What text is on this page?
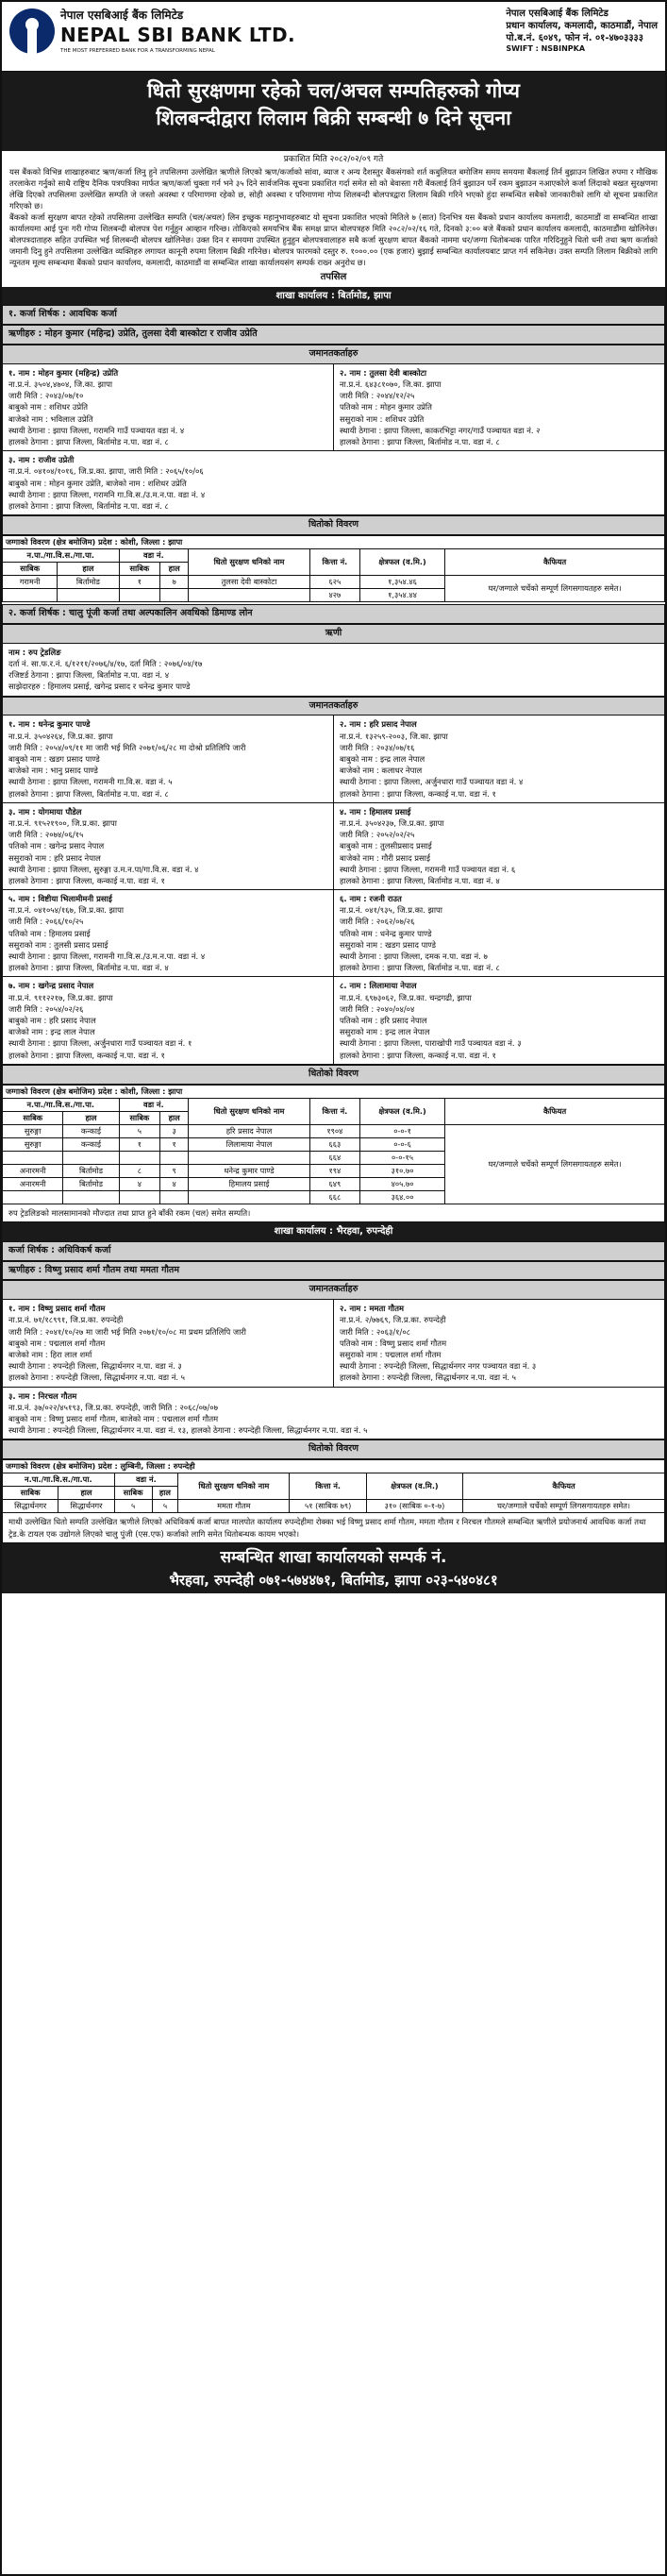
नेपाल एसबिआई बैंक लिमिटेड
NEPAL SBI BANK LTD.
THE MOST PREFERRED BANK FOR A TRANSFORMING NEPAL
नेपाल एसबिआई बैंक लिमिटेड
प्रधान कार्यालय, कमलादी, काठमाडौं, नेपाल
पो.ब.नं. ६०४९, फोन नं. ०१-४७०३३३३
SWIFT : NSBINPKA
धितो सुरक्षणमा रहेको चल/अचल सम्पतिहरुको गोप्य
शिलबन्दीद्वारा लिलाम बिक्री सम्बन्धी ७ दिने सूचना
प्रकाशित मिति २०८२/०२/०९ गते

यस बैंकको विभिन्न शाखाहरुबाट ऋण/कर्जा लिनु हुने तपसिलमा उल्लेखित ऋणीले लिएको ऋण/कर्जाको सांवा, ब्याज र अन्य दैशस्तुर बैंकसंगको शर्त कबुलियत बमोजिम समय समयमा बैंकलाई तिर्न बुझाउन लिखित रुपमा र मौखिक तरलाकेरा गर्नुको साथै राष्ट्रिय दैनिक पत्रपत्रिका मार्फत ऋण/कर्जा चुक्ता गर्न भने ३५ दिने सार्वजनिक सूचना प्रकाशित गर्दा समेत सो को बेवास्ता गरी बैंकलाई तिर्न बुझाउन पर्ने रकम बुझाउन नआएकोले कर्जा लिंदाको बखत सुरक्षणमा लेखि दिएको तपसिलमा उल्लेखित सम्पति जे जस्तो अवस्था र परिमाणमा रहेको छ, सोही अवस्था र परिमाणमा गोप्य शिलबन्दी बोलपत्रद्वारा लिलाम बिक्री गरिने भएको हुंदा सम्बन्धित सबैको जानकारीको लागि यो सूचना प्रकाशित गरिएको छ।

बैंकको कर्जा सुरक्षण बापत रहेको तपसिलमा उल्लेखित सम्पति (चल/अचल) लिन इच्छुक महानुभावहरुबाट यो सूचना प्रकाशित भएको मितिले ७ (सात) दिनभित्र यस बैंकको प्रधान कार्यालय कमलादी, काठमाडौं वा सम्बन्धित शाखा कार्यालयमा आई पुनः गरी गोप्य शिलबन्दी बोलपत्र पेश गर्नुहुन आव्हान गरिन्छ। तोकिएको समयभित्र बैंक समक्ष प्राप्त बोलपत्रहरु मिति २०८२/०२/१६ गते, दिनको ३:०० बजे बैंकको प्रधान कार्यालय कमलादी, काठमाडौंमा खोलिनेछ। बोलपत्रदाताहरु सहित उपस्थित भई शिलबन्दी बोलपत्र खोलिनेछ। उक्त दिन र समयमा उपस्थित हुनुहुन बोलपत्रवालाहरु सबै कर्जा सुरक्षण बापत बैंकको नाममा धर/जग्गा धितोबन्धक पारित गरिदिनुहुने धितो धनी तथा ऋण कर्जाको जमानी दिनु हुने तपसिलमा उल्लेखित व्यक्तिहरु लगायत कानूनी रुपमा लिलाम बिक्री गरिनेछ। बोलपत्र फारमको दस्तुर रु. १०००.०० (एक हजार) बुझाई सम्बन्धित कार्यालयबाट प्राप्त गर्न सकिनेछ। उक्त सम्पति लिलाम बिक्रीको लागि न्यूनतम मूल्य सम्बन्धमा बैंकको प्रधान कार्यालय, कमलादी, काठमाडौं वा सम्बन्धित शाखा कार्यालयसंग सम्पर्क राख्न अनुरोध छ।

तपसिल
शाखा कार्यालय : बिर्तामोड, झापा
१. कर्जा शिर्षक : आवधिक कर्जा
ऋणीहरु : मोहन कुमार (महिन्द्र) उप्रेति, तुलसा देवी बास्कोटा र राजीव उप्रेति
जमानतकर्ताहरु
१. नाम : मोहन कुमार (महिन्द्र) उप्रेति
ना.प्र.नं. ३५०४,४७०४, जि.का. झापा
जारी मिति : २०४३/०७/१०
बाबुको नाम : शशिधर उप्रेति
बाजेको नाम : भविलाल उप्रेति
स्थायी ठेगाना : झापा जिल्ला, गरामनि गाउँ पञ्चायत वडा नं. ४
हालको ठेगाना : झापा जिल्ला, बिर्तामोड न.पा. वडा नं. ८
२. नाम : तुलसा देवी बास्कोटा
ना.प्र.नं. ६४३८१०७०, जि.का. झापा
जारी मिति : २०४४/१२/२५
पतिको नाम : मोहन कुमार उप्रेति
ससुराको नाम : शशिधर उप्रेति
स्थायी ठेगाना : झापा जिल्ला, काकरभिट्टा नगर/गाउँ पञ्चायत वडा नं. २
हालको ठेगाना : झापा जिल्ला, बिर्तामोड न.पा. वडा नं. ८
३. नाम : राजीव उप्रेती
ना.प्र.नं. ०४१०४/१०१६, जि.प्र.का. झापा, जारी मिति : २०६५/१०/०६
बाबुको नाम : मोहन कुमार उप्रेति, बाजेको नाम : शशिधर उप्रेति
स्थायी ठेगाना : झापा जिल्ला, गरामनि गा.वि.स./उ.म.न.पा. वडा नं. ४
हालको ठेगाना : झापा जिल्ला, बिर्तामोड न.पा. वडा नं. ८
धितोको विवरण
जग्गाको विवरण (क्षेत्र बमोजिम) प्रदेश : कोशी, जिल्ला : झापा							
न.पा./गा.वि.स./गा.पा.		वडा नं.		धितो सुरक्षण धनिको नाम	कित्ता नं.	क्षेत्रफल (व.मि.)	कैफियत
साबिक	हाल	साबिक	हाल				
गरामनी	बिर्तामोड	१	७	तुलसा देवी बास्कोटा	६२५	१,३५४.४६	घर/जग्गाले चर्चेको सम्पूर्ण लिगसगायतहरु समेत।
					४२७	१,३५४.४४	
२. कर्जा शिर्षक : चालु पूंजी कर्जा तथा अल्पकालिन अवधिको डिमाण्ड लोन
ऋणी
नाम : रुप ट्रेडलिङ
दर्ता नं. सा.फ.र.नं. ६/१२११/२०७६/४/१७, दर्ता मिति : २०७६/०४/१७
रजिष्टर्ड ठेगाना : झापा जिल्ला, बिर्तामोड न.पा. वडा नं. ४
साझेदारहरु : हिमालय प्रसाई, खगेन्द्र प्रसाद र धनेन्द्र कुमार पाण्डे
जमानतकर्ताहरु
१. नाम : धनेन्द्र कुमार पाण्डे
ना.प्र.नं. ३५०४२६४, जि.प्र.का. झापा
जारी मिति : २०५४/०९/११ मा जारी भई मिति २०७१/०६/२८ मा दोश्रो प्रतिलिपि जारी
बाबुको नाम : खडग प्रसाद पाण्डे
बाजेको नाम : भानु प्रसाद पाण्डे
स्थायी ठेगाना : झापा जिल्ला, गरामनी गा.वि.स. वडा नं. ५
हालको ठेगाना : झापा जिल्ला, बिर्तामोड न.पा. वडा नं. ८
२. नाम : हरि प्रसाद नेपाल
ना.प्र.नं. १३२५९-२००३, जि.का. झापा
जारी मिति : २०३४/०७/१६
बाबुको नाम : इन्द्र लाल नेपाल
बाजेको नाम : कलाधर नेपाल
स्थायी ठेगाना : झापा जिल्ला, अर्जुनधारा गाउँ पञ्चायत वडा नं. ४
हालको ठेगाना : झापा जिल्ला, कन्काई न.पा. वडा नं. १
३. नाम : योगमाया पौडेल
ना.प्र.नं. ९१५२१९००, जि.प्र.का. झापा
जारी मिति : २०७४/०६/१५
पतिको नाम : खगेन्द्र प्रसाद नेपाल
ससुराको नाम : हरि प्रसाद नेपाल
स्थायी ठेगाना : झापा जिल्ला, सुरुङ्गा उ.म.न.पा/गा.वि.स. वडा नं. ४
हालको ठेगाना : झापा जिल्ला, कन्काई न.पा. वडा नं. १
४. नाम : हिमालय प्रसाई
ना.प्र.नं. ३५०४२३७, जि.प्र.का. झापा
जारी मिति : २०५२/०२/२५
बाबुको नाम : तुलसीप्रसाद प्रसाई
बाजेको नाम : गौरी प्रसाद प्रसाई
स्थायी ठेगाना : झापा जिल्ला, गरामनी गाउँ पञ्चायत वडा नं. ६
हालको ठेगाना : झापा जिल्ला, बिर्तामोड न.पा. वडा नं. ४
५. नाम : विष्टीया भिलामीमनी प्रसाई
ना.प्र.नं. ०४१०५४/१६७, जि.प्र.का. झापा
जारी मिति : २०६६/१०/२५
पतिको नाम : हिमालय प्रसाई
ससुराको नाम : तुलसी प्रसाद प्रसाई
स्थायी ठेगाना : झापा जिल्ला, गरामनी गा.वि.स./उ.म.न.पा. वडा नं. ४
हालको ठेगाना : झापा जिल्ला, बिर्तामोड न.पा. वडा नं. ४
६. नाम : रजनी राउत
ना.प्र.नं. ०४१/९३५, जि.प्र.का. झापा
जारी मिति : २०६२/०७/२६
पतिको नाम : धनेन्द्र कुमार पाण्डे
ससुराको नाम : खडग प्रसाद पाण्डे
स्थायी ठेगाना : झापा जिल्ला, दमक न.पा. वडा नं. ७
हालको ठेगाना : झापा जिल्ला, बिर्तामोड न.पा. वडा नं. ८
७. नाम : खगेन्द्र प्रसाद नेपाल
ना.प्र.नं. ९११२२१७, जि.प्र.का. झापा
जारी मिति : २०५४/०२/२६
बाबुको नाम : हरि प्रसाद नेपाल
बाजेको नाम : इन्द्र लाल नेपाल
स्थायी ठेगाना : झापा जिल्ला, अर्जुनधारा गाउँ पञ्चायत वडा नं. १
हालको ठेगाना : झापा जिल्ला, कन्काई न.पा. वडा नं. १
८. नाम : लिलामाया नेपाल
ना.प्र.नं. ६९७३०६२, जि.प्र.का. चन्द्रगढी, झापा
जारी मिति : २०४०/०४/०४
पतिको नाम : हरि प्रसाद नेपाल
ससुराको नाम : इन्द्र लाल नेपाल
स्थायी ठेगाना : झापा जिल्ला, पाराखोपी गाउँ पञ्चायत वडा नं. ३
हालको ठेगाना : झापा जिल्ला, कन्काई न.पा. वडा नं. १
धितोको विवरण
जग्गाको विवरण (क्षेत्र बमोजिम) प्रदेश : कोशी, जिल्ला : झापा							
न.पा./गा.वि.स./गा.पा.		वडा नं.		धितो सुरक्षण धनिको नाम	कित्ता नं.	क्षेत्रफल (व.मि.)	कैफियत
साबिक	हाल	साबिक	हाल				
सुरुङ्गा	कन्काई	५	३	हरि प्रसाद नेपाल	१९०४	०-०-१	घर/जग्गाले चर्चेको सम्पूर्ण लिगसगायतहरु समेत।
सुरुङ्गा	कन्काई	१	१	लिलामाया नेपाल	६६३	०-०-६	
					६६४	०-०-१५	
अनारमनी	बिर्तामोड	८	९	धनेन्द्र कुमार पाण्डे	१९४	३१०.७०	
अनारमनी	बिर्तामोड	४	४	हिमालय प्रसाई	६४९	४०५.७०	
					६६८	३६४.००	
रुप ट्रेडलिङको मालसामानको मौज्दात तथा प्राप्त हुने बाँकी रकम (चल) समेत सम्पति।
शाखा कार्यालय : भैरहवा, रुपन्देही
कर्जा शिर्षक : अधिविकर्ष कर्जा
ऋणीहरु : विष्णु प्रसाद शर्मा गौतम तथा ममता गौतम
जमानतकर्ताहरु
१. नाम : विष्णु प्रसाद शर्मा गौतम
ना.प्र.नं. ७१/१८९९१, जि.प्र.का. रुपन्देही
जारी मिति : २०४१/१०/२७ मा जारी भई मिति २०७१/१०/०८ मा प्रथम प्रतिलिपि जारी
बाबुको नाम : पद्मलाल शर्मा गौतम
बाजेको नाम : हिरा लाल शर्मा
स्थायी ठेगाना : रुपन्देही जिल्ला, सिद्धार्थनगर न.पा. वडा नं. ३
हालको ठेगाना : रुपन्देही जिल्ला, सिद्धार्थनगर न.पा. वडा नं. ५
२. नाम : ममता गौतम
ना.प्र.नं. २/७७६९, जि.प्र.का. रुपन्देही
जारी मिति : २०६३/१/०८
पतिको नाम : विष्णु प्रसाद शर्मा गौतम
ससुराको नाम : पद्मलाल शर्मा गौतम
स्थायी ठेगाना : रुपन्देही जिल्ला, सिद्धार्थनगर नगर पञ्चायत वडा नं. ३
हालको ठेगाना : रुपन्देही जिल्ला, सिद्धार्थनगर न.पा. वडा नं. ५
३. नाम : निरचल गौतम
ना.प्र.नं. ३७/०२२/४५१९३, जि.प्र.का. रुपन्देही, जारी मिति : २०६८/०७/०७
बाबुको नाम : विष्णु प्रसाद शर्मा गौतम, बाजेको नाम : पद्मलाल शर्मा गौतम
स्थायी ठेगाना : रुपन्देही जिल्ला, सिद्धार्थनगर न.पा. वडा नं. १३, हालको ठेगाना : रुपन्देही जिल्ला, सिद्धार्थनगर न.पा. वडा नं. ५
धितोको विवरण
जग्गाको विवरण (क्षेत्र बमोजिम) प्रदेश : लुम्बिनी, जिल्ला : रुपन्देही							
न.पा./गा.वि.स./गा.पा.		वडा नं.		धितो सुरक्षण धनिको नाम	कित्ता नं.	क्षेत्रफल (व.मि.)	कैफियत
साबिक	हाल	साबिक	हाल				
सिद्धार्थनगर	सिद्धार्थनगर	५	५	ममता गौतम	५१ (साबिक ७९)	३१० (साबिक ०-१-७)	घर/जग्गाले चर्चेको सम्पूर्ण लिगसगायतहरु समेत।
माथी उल्लेखित धितो सम्पति उल्लेखित ऋणीले लिएको अधिविकर्ष कर्जा बापत मालपोत कार्यालय रुपन्देहीमा रोक्का भई विष्णु प्रसाद शर्मा गौतम, ममता गौतम र निरचल गौतमले सम्बन्धित ऋणीले प्रयोजनार्थ आवधिक कर्जा तथा ट्रेड.के टायल एक उद्योगले लिएको चालु पुंजी (एस.एफ) कर्जाको लागि समेत धितोबन्धक कायम भएको।
सम्बन्धित शाखा कार्यालयको सम्पर्क नं.
भैरहवा, रुपन्देही ०७१-५७४४७१, बिर्तामोड, झापा ०२३-५४०४८१
